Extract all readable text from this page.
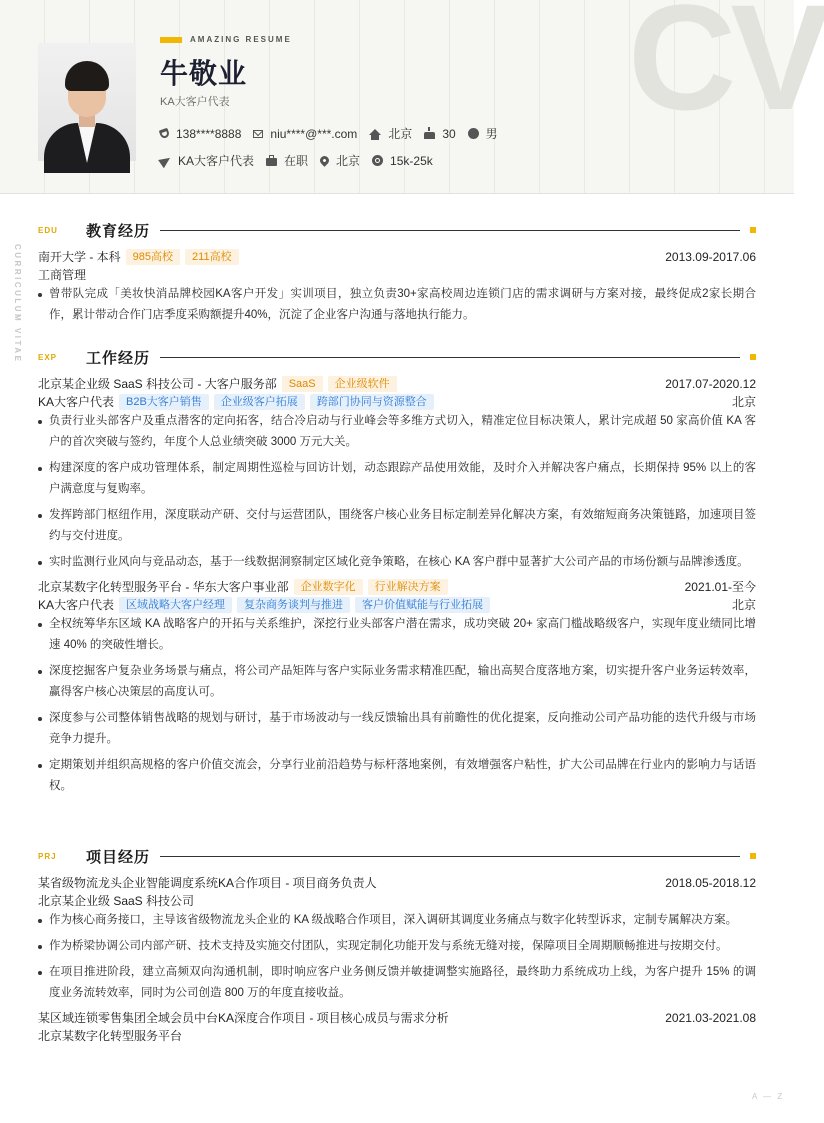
CV
AMAZING RESUME
牛敬业
KA大客户代表
138****8888 niu****@***.com	北京	30	男
KA大客户代表	在职 北京	15k-25k
CURRICULUM VITAE
EDU	教育经历
南开大学 - 本科	985高校	211高校	2013.09-2017.06
工商管理
曾带队完成「美妆快消品牌校园KA客户开发」实训项目，独立负责30+家高校周边连锁门店的需求调研与方案对接，最终促成2家长期合作，累计带动合作门店季度采购额提升40%，沉淀了企业客户沟通与落地执行能力。
EXP	工作经历
北京某企业级 SaaS 科技公司 - 大客户服务部	SaaS	企业级软件	2017.07-2020.12
KA大客户代表	B2B大客户销售	企业级客户拓展	跨部门协同与资源整合	北京
负责行业头部客户及重点潜客的定向拓客，结合冷启动与行业峰会等多维方式切入，精准定位目标决策人，累计完成超 50 家高价值 KA 客户的首次突破与签约，年度个人总业绩突破 3000 万元大关。
构建深度的客户成功管理体系，制定周期性巡检与回访计划，动态跟踪产品使用效能，及时介入并解决客户痛点，长期保持 95% 以上的客户满意度与复购率。
发挥跨部门枢纽作用，深度联动产研、交付与运营团队，围绕客户核心业务目标定制差异化解决方案，有效缩短商务决策链路，加速项目签约与交付进度。
实时监测行业风向与竞品动态，基于一线数据洞察制定区域化竞争策略，在核心 KA 客户群中显著扩大公司产品的市场份额与品牌渗透度。
北京某数字化转型服务平台 - 华东大客户事业部	企业数字化	行业解决方案	2021.01-至今
KA大客户代表	区域战略大客户经理	复杂商务谈判与推进	客户价值赋能与行业拓展	北京
全权统筹华东区域 KA 战略客户的开拓与关系维护，深挖行业头部客户潜在需求，成功突破 20+ 家高门槛战略级客户，实现年度业绩同比增速 40% 的突破性增长。
深度挖掘客户复杂业务场景与痛点，将公司产品矩阵与客户实际业务需求精准匹配，输出高契合度落地方案，切实提升客户业务运转效率，赢得客户核心决策层的高度认可。
深度参与公司整体销售战略的规划与研讨，基于市场波动与一线反馈输出具有前瞻性的优化提案，反向推动公司产品功能的迭代升级与市场竞争力提升。
定期策划并组织高规格的客户价值交流会，分享行业前沿趋势与标杆落地案例，有效增强客户粘性，扩大公司品牌在行业内的影响力与话语权。
PRJ	项目经历
某省级物流龙头企业智能调度系统KA合作项目 - 项目商务负责人	2018.05-2018.12
北京某企业级 SaaS 科技公司
作为核心商务接口，主导该省级物流龙头企业的 KA 级战略合作项目，深入调研其调度业务痛点与数字化转型诉求，定制专属解决方案。
作为桥梁协调公司内部产研、技术支持及实施交付团队，实现定制化功能开发与系统无缝对接，保障项目全周期顺畅推进与按期交付。
在项目推进阶段，建立高频双向沟通机制，即时响应客户业务侧反馈并敏捷调整实施路径，最终助力系统成功上线，为客户提升 15% 的调度业务流转效率，同时为公司创造 800 万的年度直接收益。
某区域连锁零售集团全域会员中台KA深度合作项目 - 项目核心成员与需求分析	2021.03-2021.08
北京某数字化转型服务平台
A — Z
